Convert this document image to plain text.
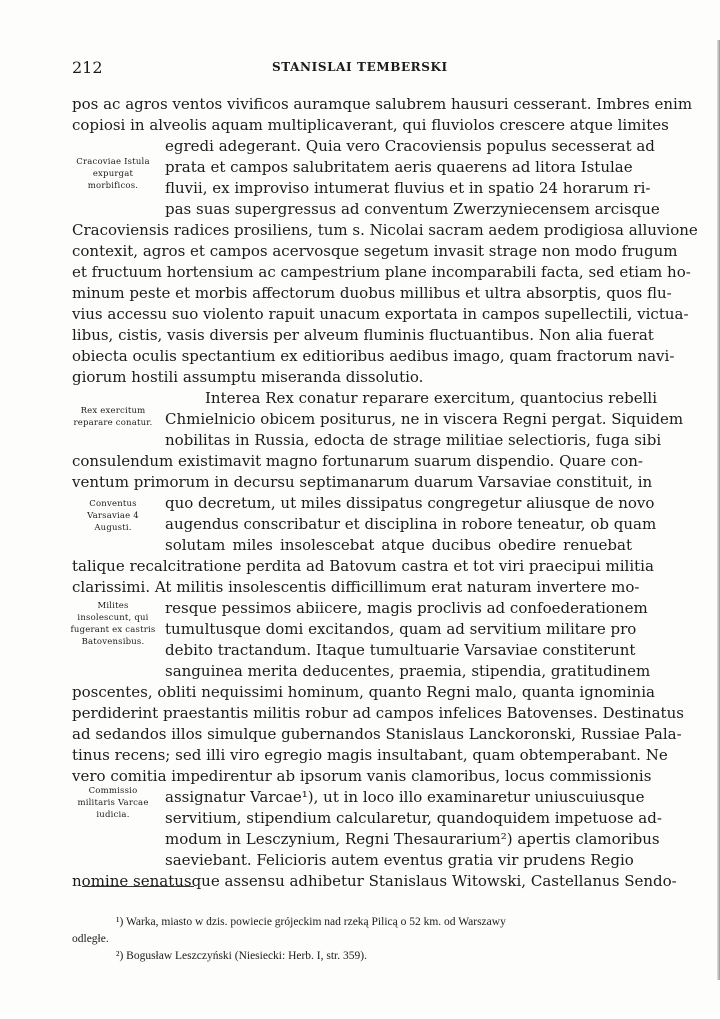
212	STANISLAI TEMBERSKI
Cracoviae Istula expurgat morbificos.
Rex exercitum reparare conatur.
Conventus Varsaviae 4 Augusti.
Milites insolescunt, qui fugerant ex castris Batovensibus.
Commissio militaris Varcae iudicia.
pos ac agros ventos vivificos auramque salubrem hausuri cesserant. Imbres enim
copiosi in alveolis aquam multiplicaverant, qui fluviolos crescere atque limites
egredi adegerant. Quia vero Cracoviensis populus secesserat ad
prata et campos salubritatem aeris quaerens ad litora Istulae
fluvii, ex improviso intumerat fluvius et in spatio 24 horarum ri-
pas suas supergressus ad conventum Zwerzyniecensem arcisque
Cracoviensis radices prosiliens, tum s. Nicolai sacram aedem prodigiosa alluvione
contexit, agros et campos acervosque segetum invasit strage non modo frugum
et fructuum hortensium ac campestrium plane incomparabili facta, sed etiam ho-
minum peste et morbis affectorum duobus millibus et ultra absorptis, quos flu-
vius accessu suo violento rapuit unacum exportata in campos supellectili, victua-
libus, cistis, vasis diversis per alveum fluminis fluctuantibus. Non alia fuerat
obiecta oculis spectantium ex editioribus aedibus imago, quam fractorum navi-
giorum hostili assumptu miseranda dissolutio.
Interea Rex conatur reparare exercitum, quantocius rebelli
Chmielnicio obicem positurus, ne in viscera Regni pergat. Siquidem
nobilitas in Russia, edocta de strage militiae selectioris, fuga sibi
consulendum existimavit magno fortunarum suarum dispendio. Quare con-
ventum primorum in decursu septimanarum duarum Varsaviae constituit, in
quo decretum, ut miles dissipatus congregetur aliusque de novo
augendus conscribatur et disciplina in robore teneatur, ob quam
solutam miles insolescebat atque ducibus obedire renuebat
talique recalcitratione perdita ad Batovum castra et tot viri praecipui militia
clarissimi. At militis insolescentis difficillimum erat naturam invertere mo-
resque pessimos abiicere, magis proclivis ad confoederationem
tumultusque domi excitandos, quam ad servitium militare pro
debito tractandum. Itaque tumultuarie Varsaviae constiterunt
sanguinea merita deducentes, praemia, stipendia, gratitudinem
poscentes, obliti nequissimi hominum, quanto Regni malo, quanta ignominia
perdiderint praestantis militis robur ad campos infelices Batovenses. Destinatus
ad sedandos illos simulque gubernandos Stanislaus Lanckoronski, Russiae Pala-
tinus recens; sed illi viro egregio magis insultabant, quam obtemperabant. Ne
vero comitia impedirentur ab ipsorum vanis clamoribus, locus commissionis
assignatur Varcae¹), ut in loco illo examinaretur uniuscuiusque
servitium, stipendium calcularetur, quandoquidem impetuose ad-
modum in Lesczynium, Regni Thesaurarium²) apertis clamoribus
saeviebant. Felicioris autem eventus gratia vir prudens Regio
nomine senatusque assensu adhibetur Stanislaus Witowski, Castellanus Sendo-
¹) Warka, miasto w dzis. powiecie grójeckim nad rzeką Pilicą o 52 km. od Warszawy
odległe.
²) Bogusław Leszczyński (Niesiecki: Herb. I, str. 359).
